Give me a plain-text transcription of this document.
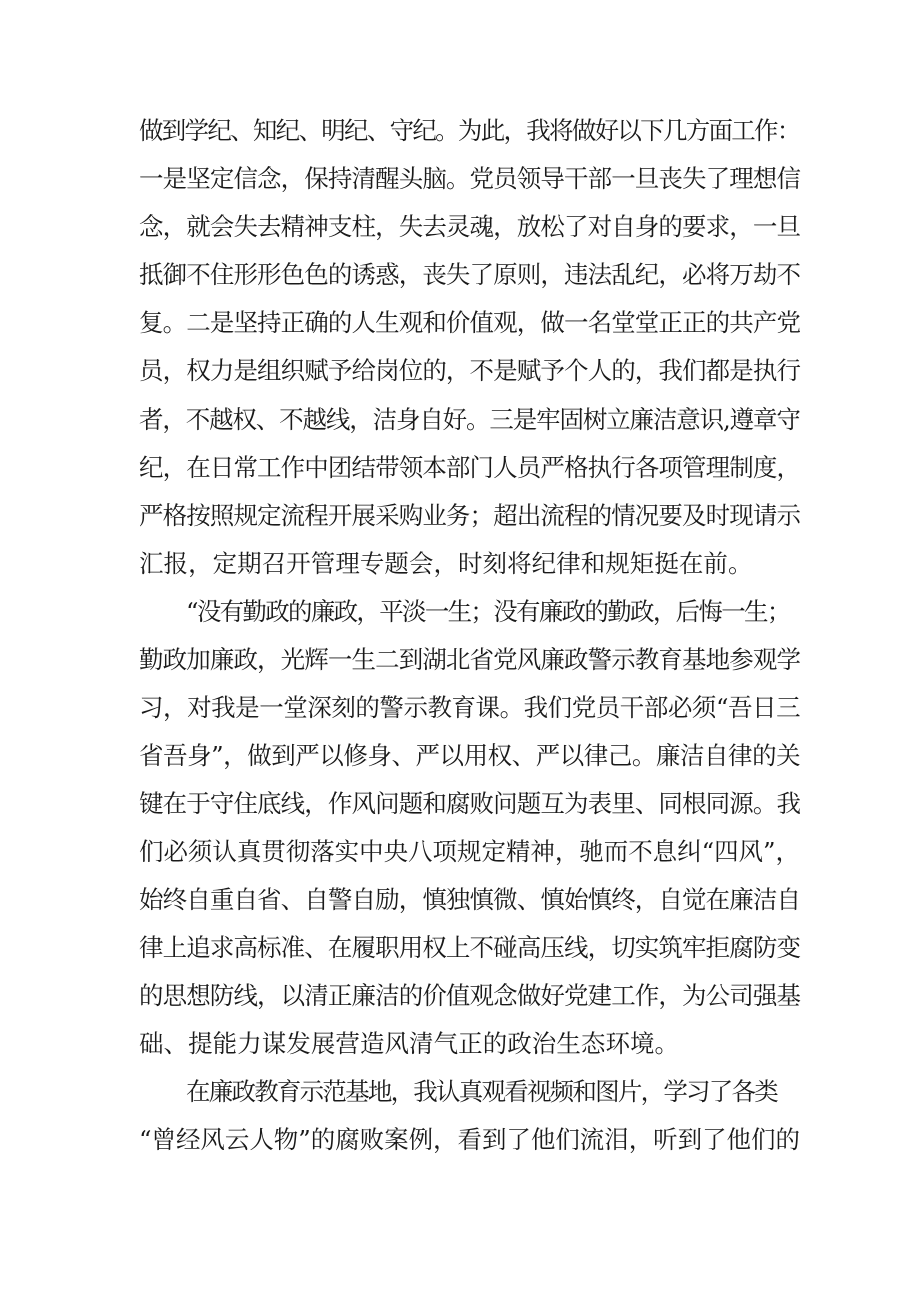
做到学纪、知纪、明纪、守纪。为此，我将做好以下几方面工作：
一是坚定信念，保持清醒头脑。党员领导干部一旦丧失了理想信
念，就会失去精神支柱，失去灵魂，放松了对自身的要求，一旦
抵御不住形形色色的诱惑，丧失了原则，违法乱纪，必将万劫不
复。二是坚持正确的人生观和价值观，做一名堂堂正正的共产党
员，权力是组织赋予给岗位的，不是赋予个人的，我们都是执行
者，不越权、不越线，洁身自好。三是牢固树立廉洁意识,遵章守
纪，在日常工作中团结带领本部门人员严格执行各项管理制度，
严格按照规定流程开展采购业务；超出流程的情况要及时现请示
汇报，定期召开管理专题会，时刻将纪律和规矩挺在前。
“没有勤政的廉政，平淡一生；没有廉政的勤政，后悔一生；
勤政加廉政，光辉一生二到湖北省党风廉政警示教育基地参观学
习，对我是一堂深刻的警示教育课。我们党员干部必须“吾日三
省吾身”，做到严以修身、严以用权、严以律己。廉洁自律的关
键在于守住底线，作风问题和腐败问题互为表里、同根同源。我
们必须认真贯彻落实中央八项规定精神，驰而不息纠“四风”，
始终自重自省、自警自励，慎独慎微、慎始慎终，自觉在廉洁自
律上追求高标准、在履职用权上不碰高压线，切实筑牢拒腐防变
的思想防线，以清正廉洁的价值观念做好党建工作，为公司强基
础、提能力谋发展营造风清气正的政治生态环境。
在廉政教育示范基地，我认真观看视频和图片，学习了各类
“曾经风云人物”的腐败案例，看到了他们流泪，听到了他们的
